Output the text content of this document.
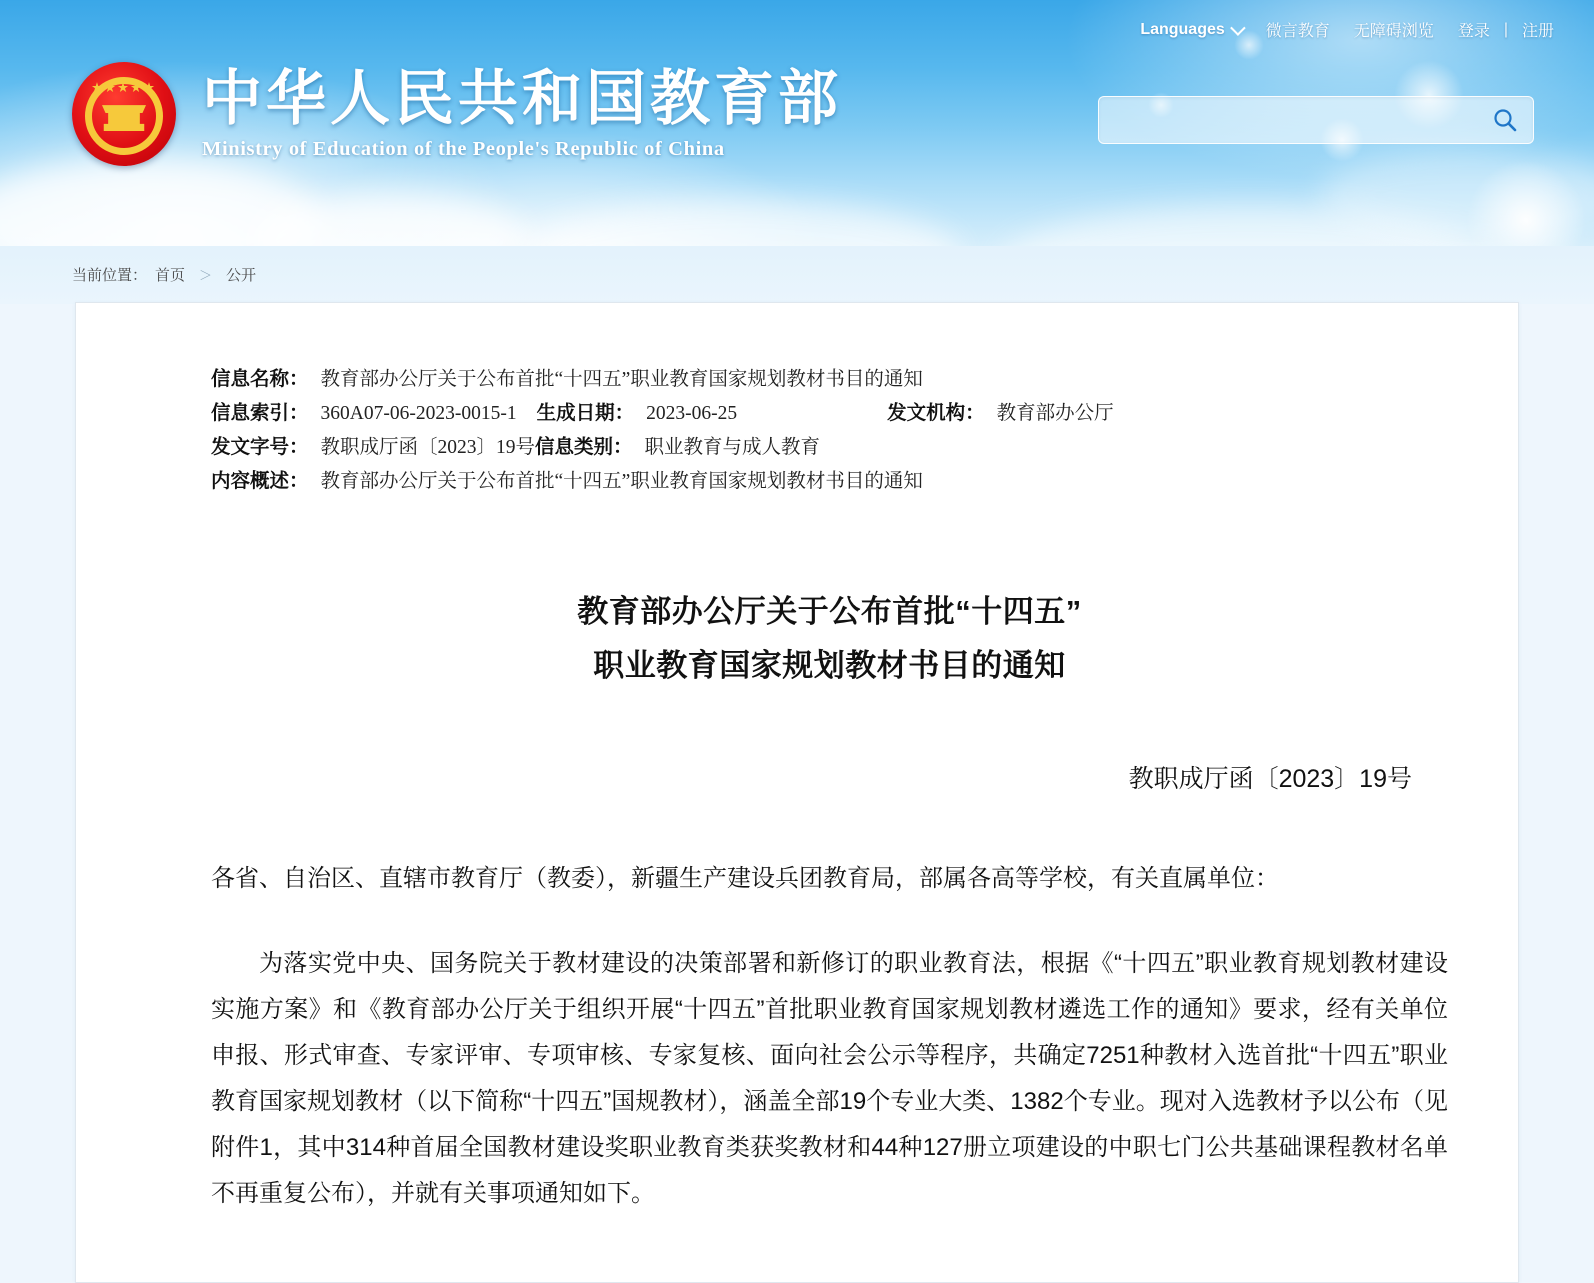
Languages	微言教育 无障碍浏览 登录 | 注册
★★★★★ 中华人民共和国教育部
Ministry of Education of the People's Republic of China
当前位置： 首页	＞ 公开
信息名称： 教育部办公厅关于公布首批“十四五”职业教育国家规划教材书目的通知
信息索引： 360A07-06-2023-0015-1 生成日期： 2023-06-25	发文机构： 教育部办公厅
发文字号： 教职成厅函〔2023〕19号 信息类别： 职业教育与成人教育
内容概述： 教育部办公厅关于公布首批“十四五”职业教育国家规划教材书目的通知
教育部办公厅关于公布首批“十四五”
职业教育国家规划教材书目的通知
教职成厅函〔2023〕19号
各省、自治区、直辖市教育厅（教委），新疆生产建设兵团教育局，部属各高等学校，有关直属单位：
为落实党中央、国务院关于教材建设的决策部署和新修订的职业教育法，根据《“十四五”职业教育规划教材建设实施方案》和《教育部办公厅关于组织开展“十四五”首批职业教育国家规划教材遴选工作的通知》要求，经有关单位申报、形式审查、专家评审、专项审核、专家复核、面向社会公示等程序，共确定7251种教材入选首批“十四五”职业教育国家规划教材（以下简称“十四五”国规教材），涵盖全部19个专业大类、1382个专业。现对入选教材予以公布（见附件1，其中314种首届全国教材建设奖职业教育类获奖教材和44种127册立项建设的中职七门公共基础课程教材名单不再重复公布），并就有关事项通知如下。
